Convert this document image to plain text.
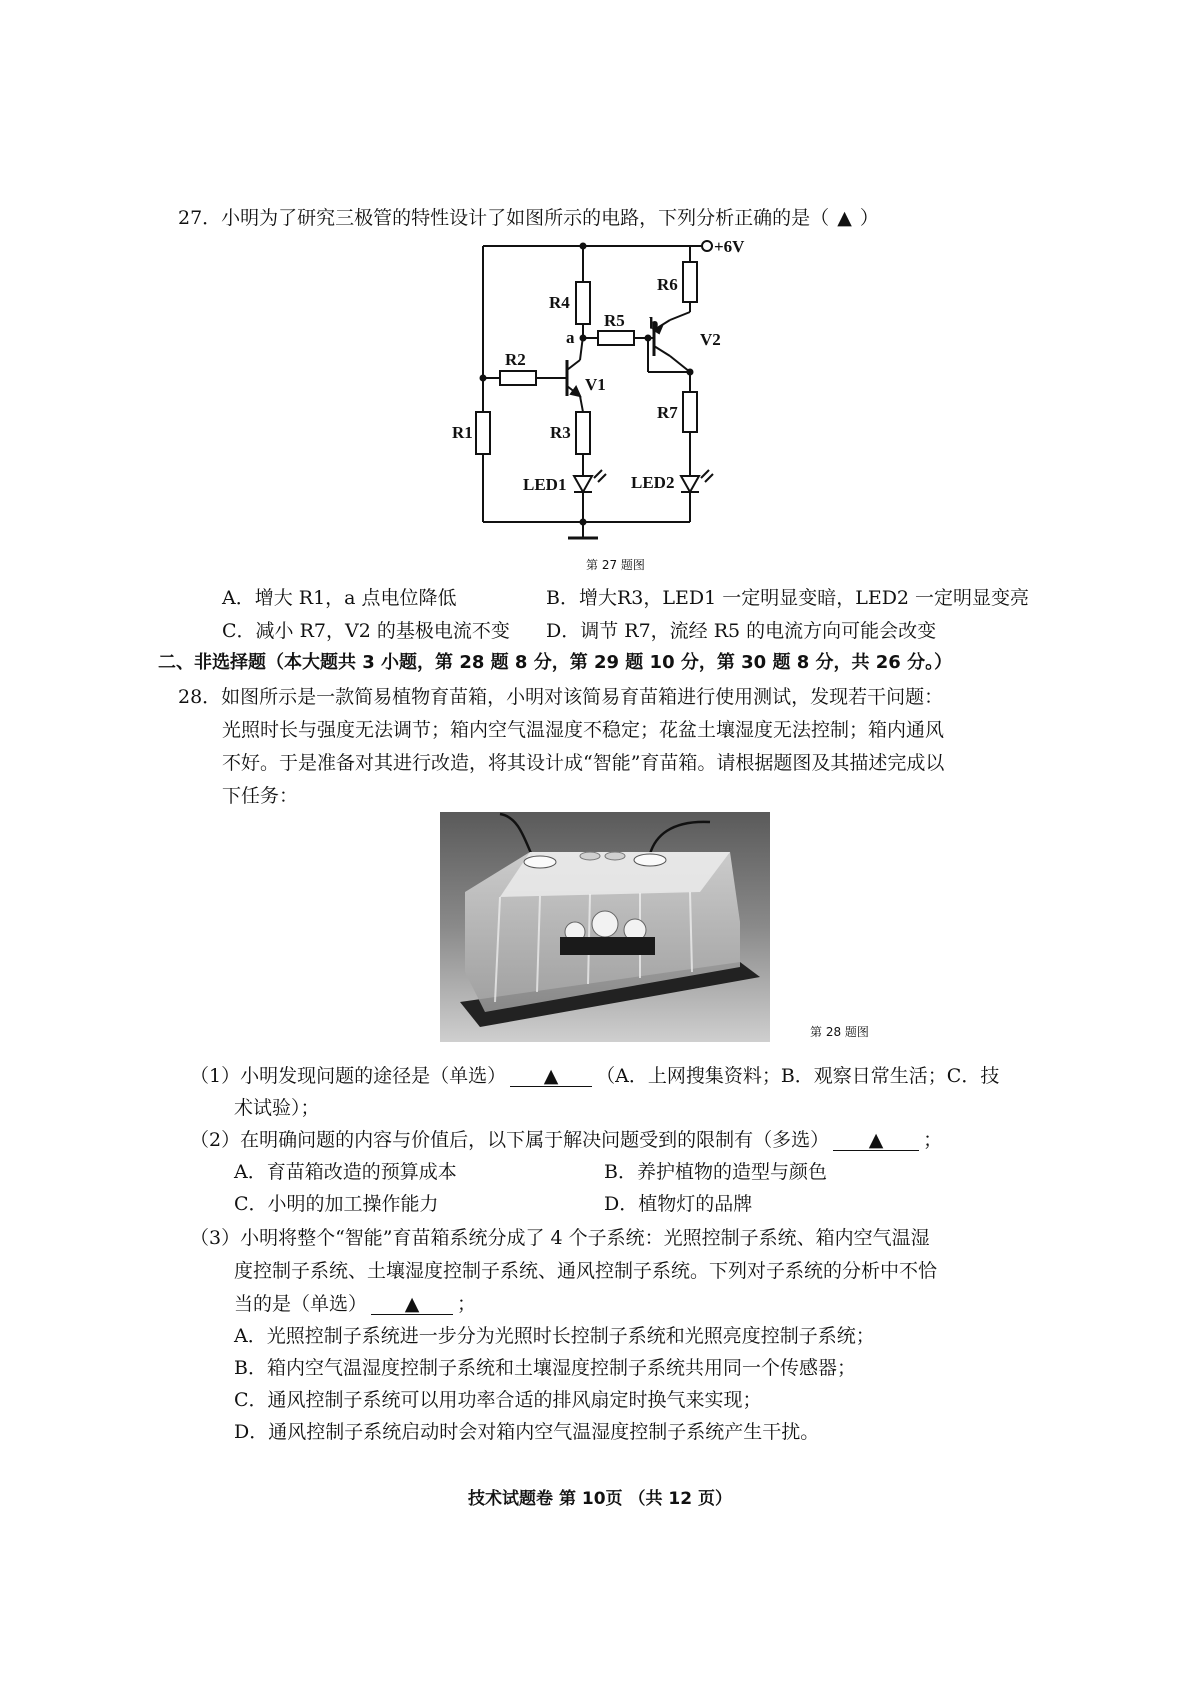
27．小明为了研究三极管的特性设计了如图所示的电路，下列分析正确的是（ ▲ ）
+6V
R4
R6
R5
a
b
V2
R2
V1
R1	R3
R7
LED1	LED2
第 27 题图
A．增大 R1，a 点电位降低	B．增大R3，LED1 一定明显变暗，LED2 一定明显变亮
C．减小 R7，V2 的基极电流不变 D．调节 R7，流经 R5 的电流方向可能会改变
二、非选择题（本大题共 3 小题，第 28 题 8 分，第 29 题 10 分，第 30 题 8 分，共 26 分。）
28．如图所示是一款简易植物育苗箱，小明对该简易育苗箱进行使用测试，发现若干问题：
光照时长与强度无法调节；箱内空气温湿度不稳定；花盆土壤湿度无法控制；箱内通风
不好。于是准备对其进行改造，将其设计成“智能”育苗箱。请根据题图及其描述完成以
下任务：
第 28 题图
（1）小明发现问题的途径是（单选） ▲ （A．上网搜集资料；B．观察日常生活；C．技
术试验）；
（2）在明确问题的内容与价值后，以下属于解决问题受到的限制有（多选） ▲ ；
A．育苗箱改造的预算成本	B．养护植物的造型与颜色
C．小明的加工操作能力	D．植物灯的品牌
（3）小明将整个“智能”育苗箱系统分成了 4 个子系统：光照控制子系统、箱内空气温湿
度控制子系统、土壤湿度控制子系统、通风控制子系统。下列对子系统的分析中不恰
当的是（单选） ▲ ；
A．光照控制子系统进一步分为光照时长控制子系统和光照亮度控制子系统；
B．箱内空气温湿度控制子系统和土壤湿度控制子系统共用同一个传感器；
C．通风控制子系统可以用功率合适的排风扇定时换气来实现；
D．通风控制子系统启动时会对箱内空气温湿度控制子系统产生干扰。
技术试题卷 第 10页 （共 12 页）
